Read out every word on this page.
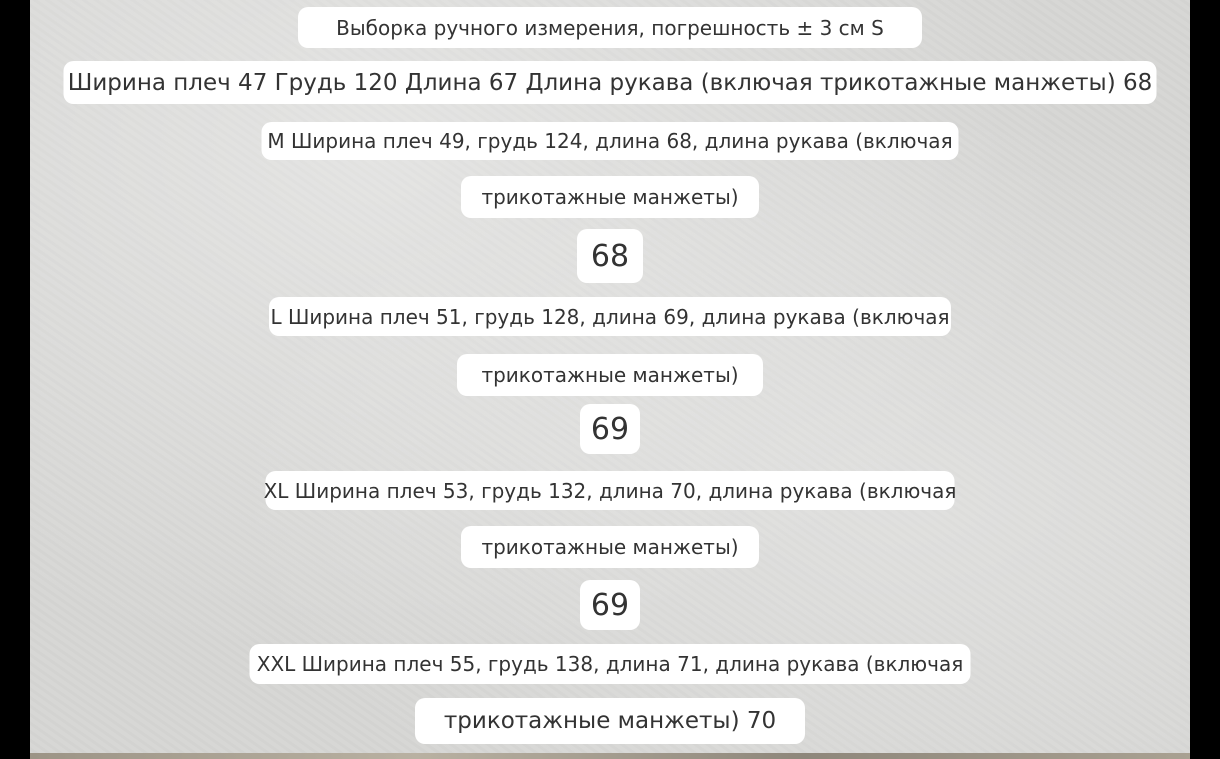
Выборка ручного измерения, погрешность ± 3 см S
Ширина плеч 47 Грудь 120 Длина 67 Длина рукава (включая трикотажные манжеты) 68
M Ширина плеч 49, грудь 124, длина 68, длина рукава (включая
трикотажные манжеты)
68
L Ширина плеч 51, грудь 128, длина 69, длина рукава (включая
трикотажные манжеты)
69
XL Ширина плеч 53, грудь 132, длина 70, длина рукава (включая
трикотажные манжеты)
69
XXL Ширина плеч 55, грудь 138, длина 71, длина рукава (включая
трикотажные манжеты) 70
